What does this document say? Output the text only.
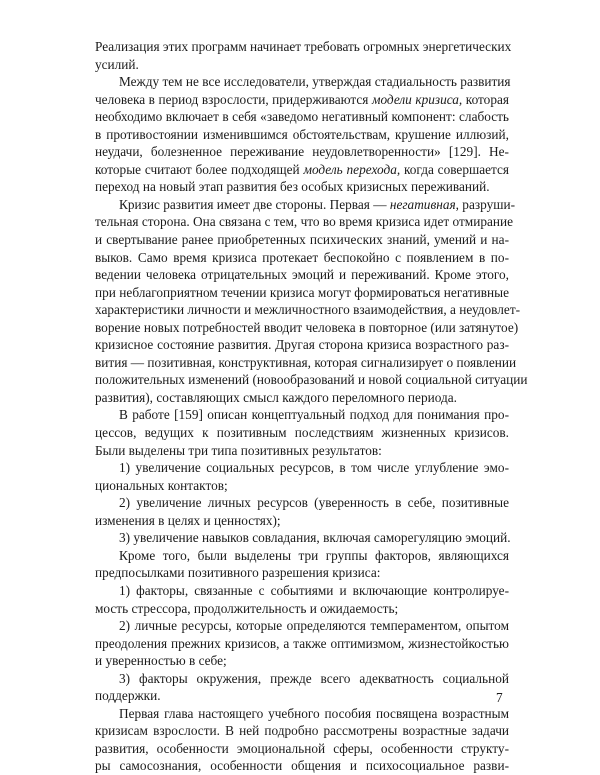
Реализация этих программ начинает требовать огромных энергетических
усилий.
Между тем не все исследователи, утверждая стадиальность развития
человека в период взрослости, придерживаются модели кризиса, которая
необходимо включает в себя «заведомо негативный компонент: слабость
в противостоянии изменившимся обстоятельствам, крушение иллюзий,
неудачи, болезненное переживание неудовлетворенности» [129]. Не-
которые считают более подходящей модель перехода, когда совершается
переход на новый этап развития без особых кризисных переживаний.
Кризис развития имеет две стороны. Первая — негативная, разруши-
тельная сторона. Она связана с тем, что во время кризиса идет отмирание
и свертывание ранее приобретенных психических знаний, умений и на-
выков. Само время кризиса протекает беспокойно с появлением в по-
ведении человека отрицательных эмоций и переживаний. Кроме этого,
при неблагоприятном течении кризиса могут формироваться негативные
характеристики личности и межличностного взаимодействия, а неудовлет-
ворение новых потребностей вводит человека в повторное (или затянутое)
кризисное состояние развития. Другая сторона кризиса возрастного раз-
вития — позитивная, конструктивная, которая сигнализирует о появлении
положительных изменений (новообразований и новой социальной ситуации
развития), составляющих смысл каждого переломного периода.
В работе [159] описан концептуальный подход для понимания про-
цессов, ведущих к позитивным последствиям жизненных кризисов.
Были выделены три типа позитивных результатов:
1) увеличение социальных ресурсов, в том числе углубление эмо-
циональных контактов;
2) увеличение личных ресурсов (уверенность в себе, позитивные
изменения в целях и ценностях);
3) увеличение навыков совладания, включая саморегуляцию эмоций.
Кроме того, были выделены три группы факторов, являющихся
предпосылками позитивного разрешения кризиса:
1) факторы, связанные с событиями и включающие контролируе-
мость стрессора, продолжительность и ожидаемость;
2) личные ресурсы, которые определяются темпераментом, опытом
преодоления прежних кризисов, а также оптимизмом, жизнестойкостью
и уверенностью в себе;
3) факторы окружения, прежде всего адекватность социальной
поддержки.
Первая глава настоящего учебного пособия посвящена возрастным
кризисам взрослости. В ней подробно рассмотрены возрастные задачи
развития, особенности эмоциональной сферы, особенности структу-
ры самосознания, особенности общения и психосоциальное разви-
7
